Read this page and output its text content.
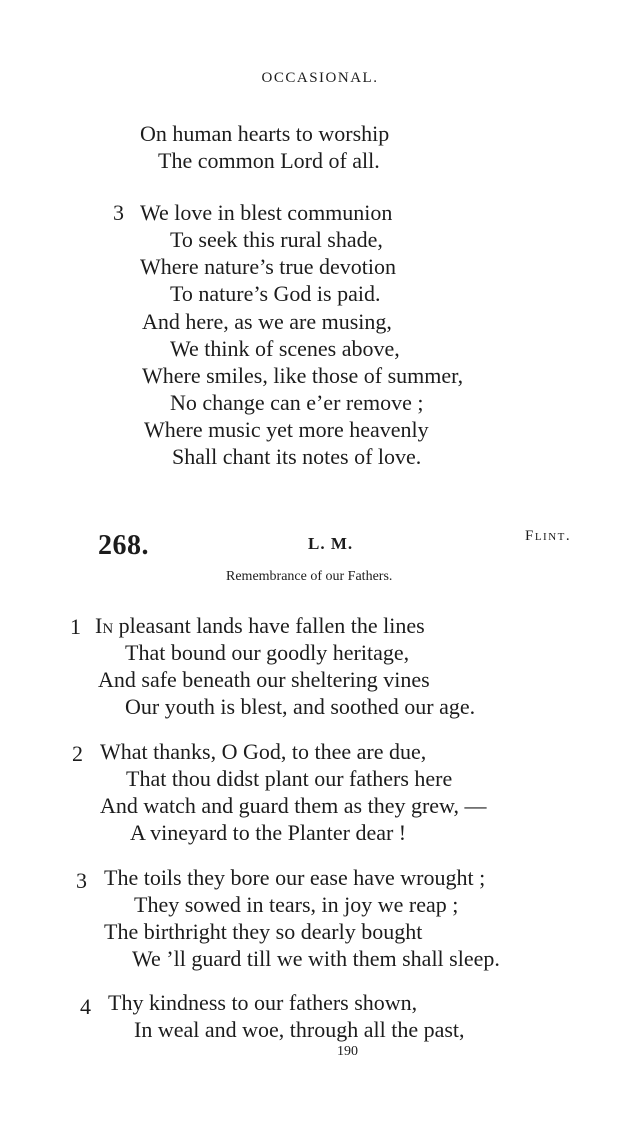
OCCASIONAL.
On human hearts to worship
The common Lord of all.
3 We love in blest communion
To seek this rural shade,
Where nature’s true devotion
To nature’s God is paid.
And here, as we are musing,
We think of scenes above,
Where smiles, like those of summer,
No change can e’er remove ;
Where music yet more heavenly
Shall chant its notes of love.
268.	L. M.	Flint.
Remembrance of our Fathers.
1 In pleasant lands have fallen the lines
That bound our goodly heritage,
And safe beneath our sheltering vines
Our youth is blest, and soothed our age.
2 What thanks, O God, to thee are due,
That thou didst plant our fathers here
And watch and guard them as they grew, —
A vineyard to the Planter dear !
3 The toils they bore our ease have wrought ;
They sowed in tears, in joy we reap ;
The birthright they so dearly bought
We ’ll guard till we with them shall sleep.
4 Thy kindness to our fathers shown,
In weal and woe, through all the past,
190
